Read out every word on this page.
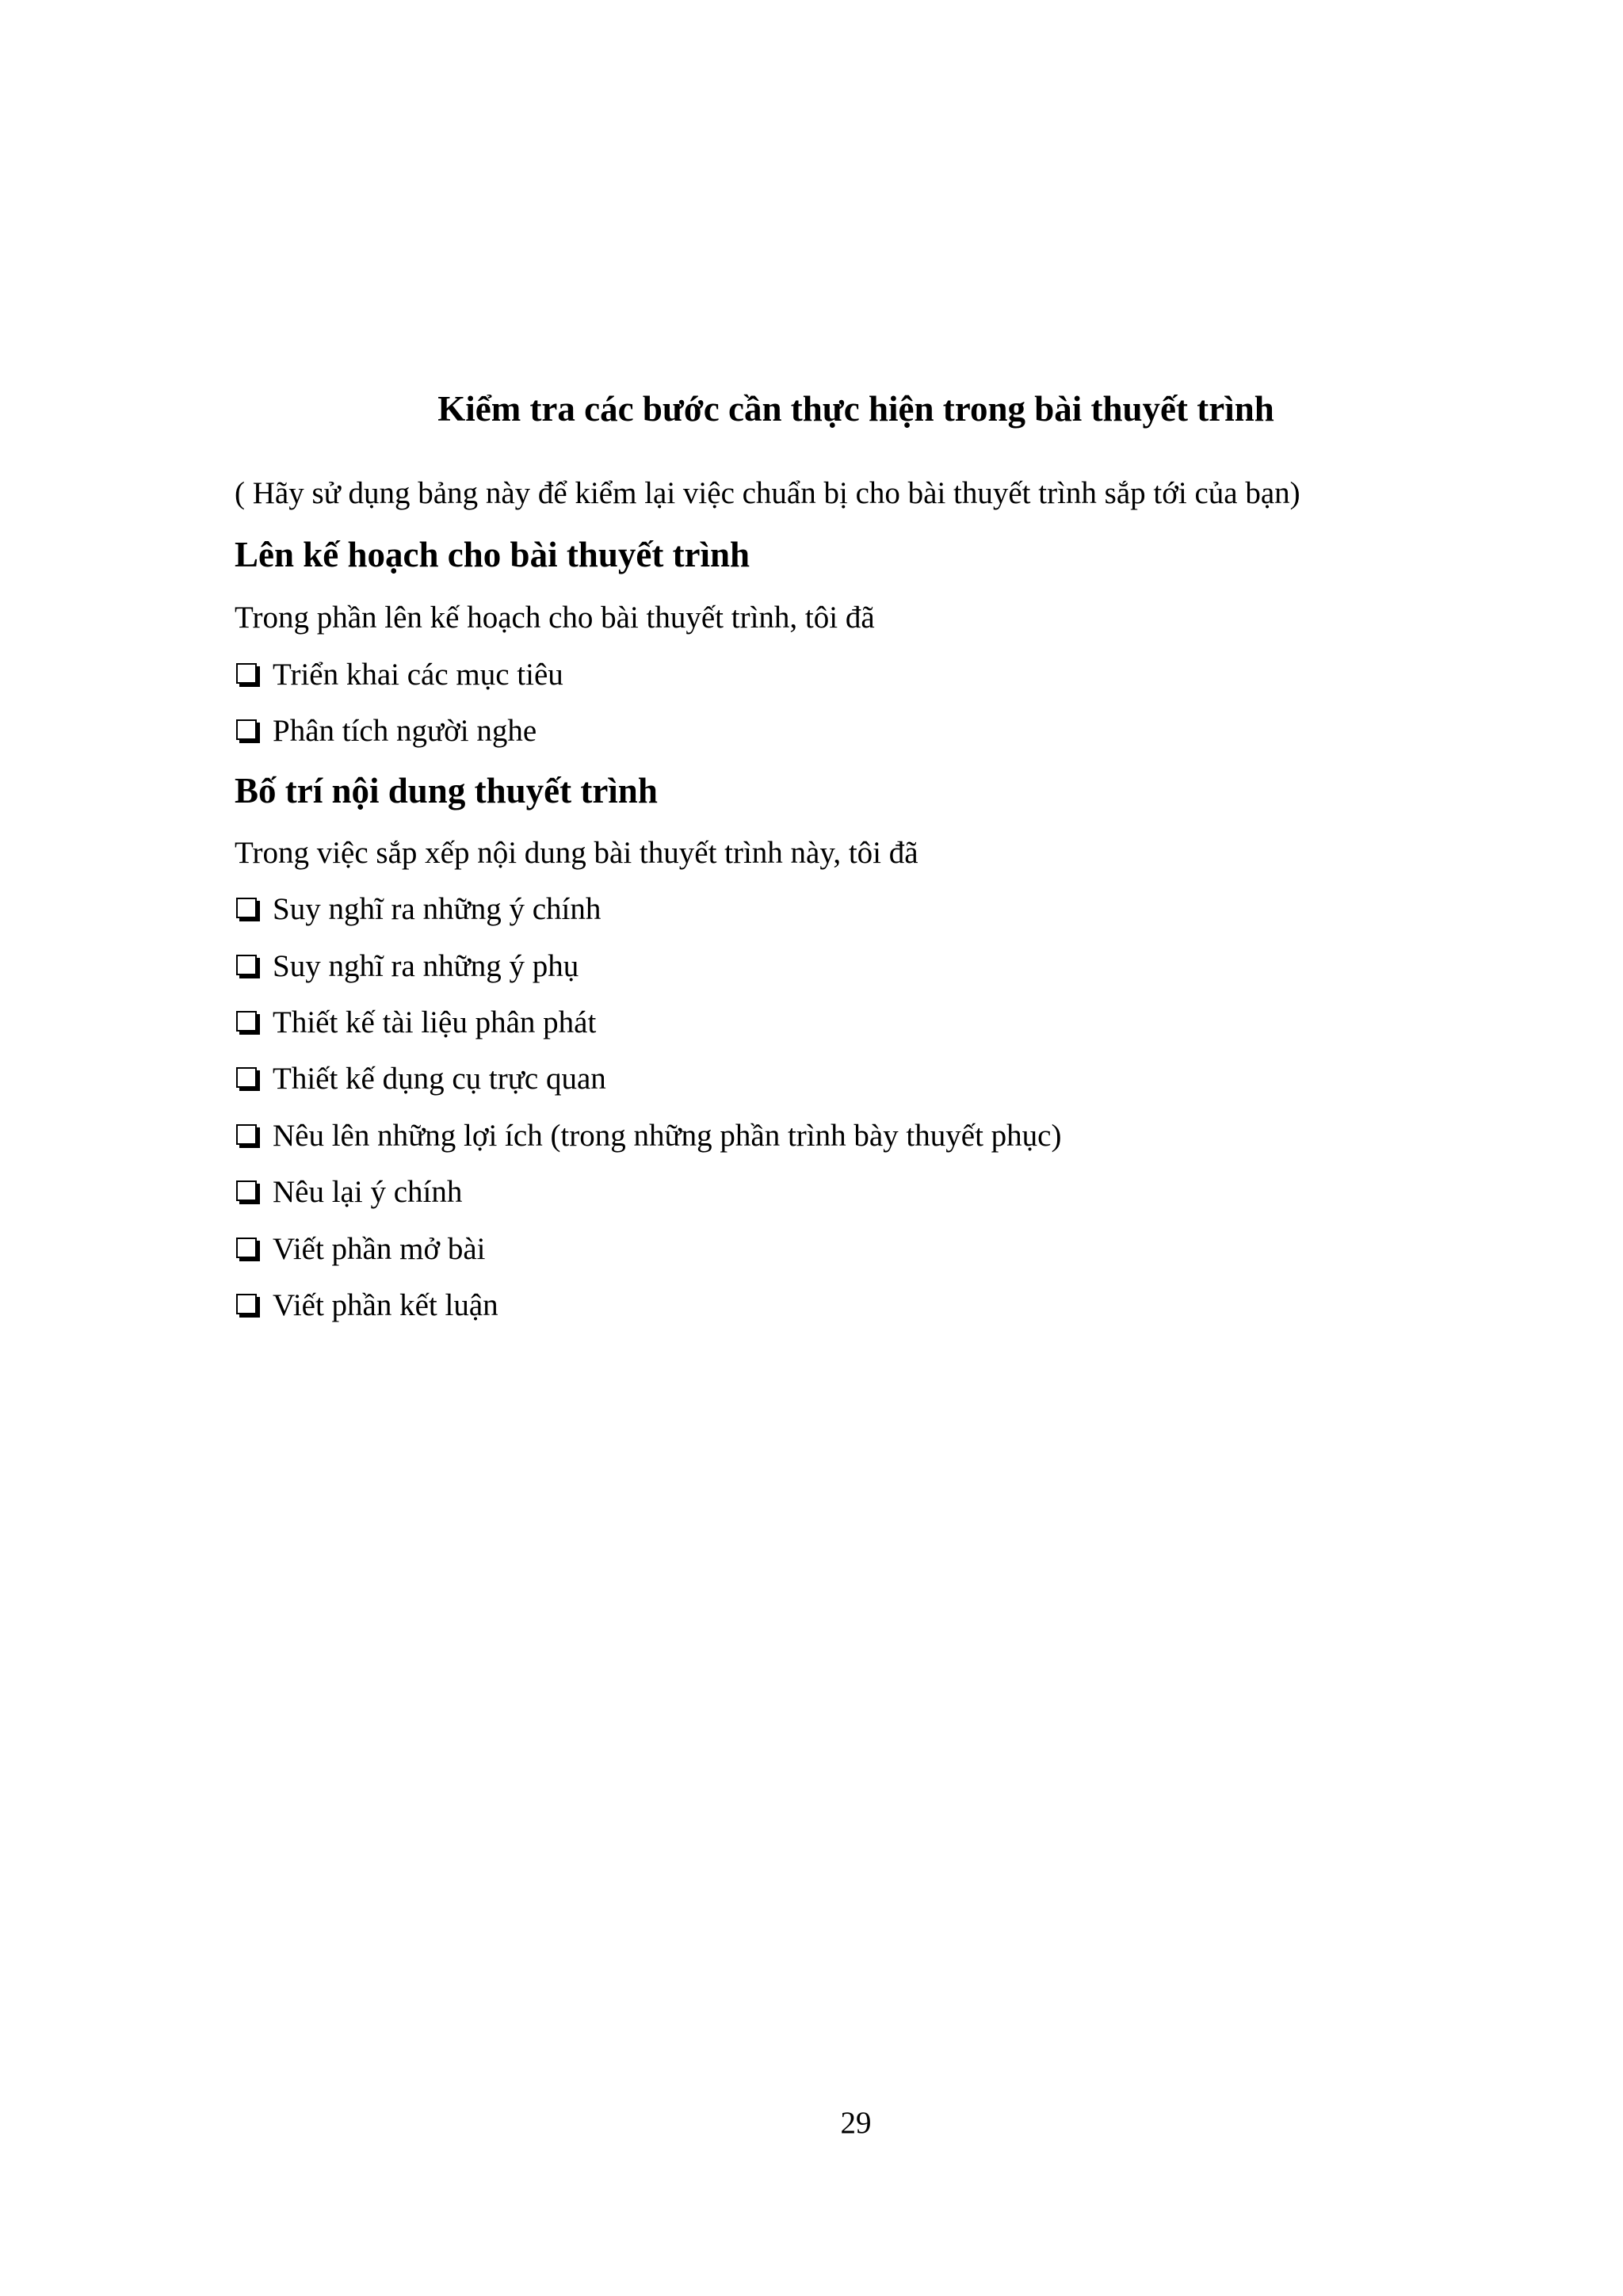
Kiểm tra các bước cần thực hiện trong bài thuyết trình
( Hãy sử dụng bảng này để kiểm lại việc chuẩn bị cho bài thuyết trình sắp tới của bạn)
Lên kế hoạch cho bài thuyết trình
Trong phần lên kế hoạch cho bài thuyết trình, tôi đã
Triển khai các mục tiêu
Phân tích người nghe
Bố trí nội dung thuyết trình
Trong việc sắp xếp nội dung bài thuyết trình này, tôi đã
Suy nghĩ ra những ý chính
Suy nghĩ ra những ý phụ
Thiết kế tài liệu phân phát
Thiết kế dụng cụ trực quan
Nêu lên những lợi ích (trong những phần trình bày thuyết phục)
Nêu lại ý chính
Viết phần mở bài
Viết phần kết luận
29
